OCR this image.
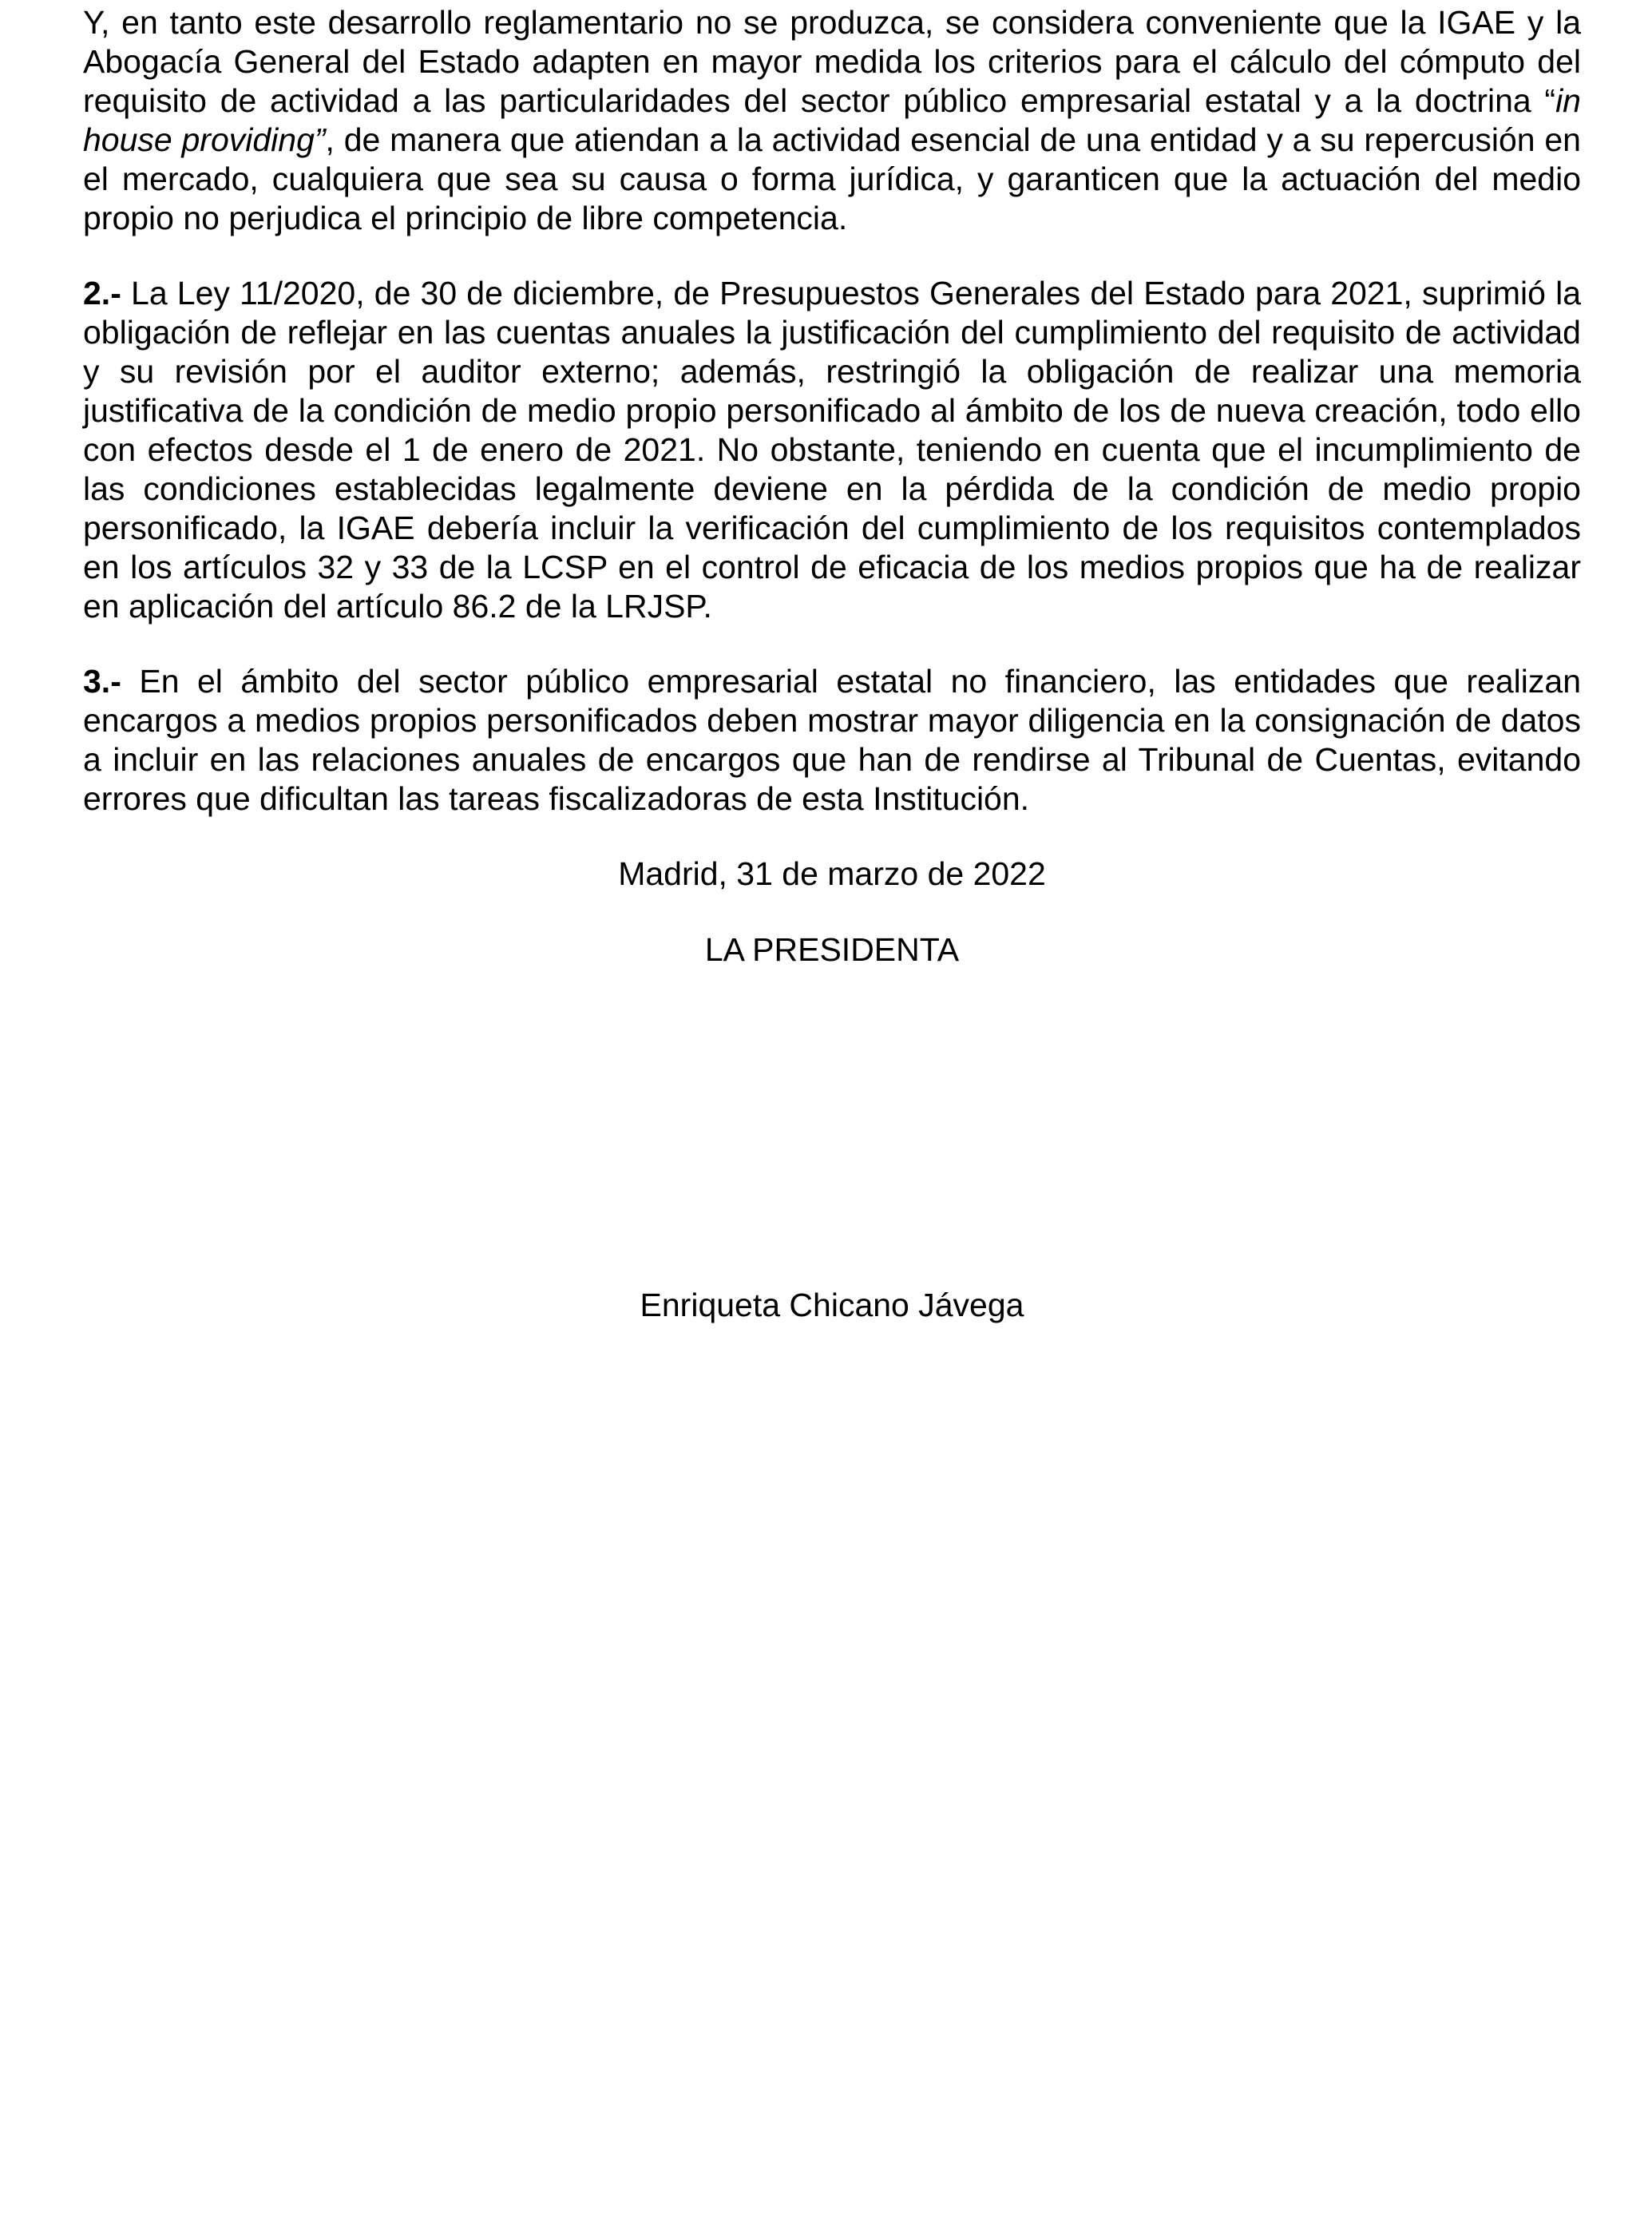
Y, en tanto este desarrollo reglamentario no se produzca, se considera conveniente que la IGAE y la Abogacía General del Estado adapten en mayor medida los criterios para el cálculo del cómputo del requisito de actividad a las particularidades del sector público empresarial estatal y a la doctrina “in house providing”, de manera que atiendan a la actividad esencial de una entidad y a su repercusión en el mercado, cualquiera que sea su causa o forma jurídica, y garanticen que la actuación del medio propio no perjudica el principio de libre competencia.

2.- La Ley 11/2020, de 30 de diciembre, de Presupuestos Generales del Estado para 2021, suprimió la obligación de reflejar en las cuentas anuales la justificación del cumplimiento del requisito de actividad y su revisión por el auditor externo; además, restringió la obligación de realizar una memoria justificativa de la condición de medio propio personificado al ámbito de los de nueva creación, todo ello con efectos desde el 1 de enero de 2021. No obstante, teniendo en cuenta que el incumplimiento de las condiciones establecidas legalmente deviene en la pérdida de la condición de medio propio personificado, la IGAE debería incluir la verificación del cumplimiento de los requisitos contemplados en los artículos 32 y 33 de la LCSP en el control de eficacia de los medios propios que ha de realizar en aplicación del artículo 86.2 de la LRJSP.

3.- En el ámbito del sector público empresarial estatal no financiero, las entidades que realizan encargos a medios propios personificados deben mostrar mayor diligencia en la consignación de datos a incluir en las relaciones anuales de encargos que han de rendirse al Tribunal de Cuentas, evitando errores que dificultan las tareas fiscalizadoras de esta Institución.

Madrid, 31 de marzo de 2022

LA PRESIDENTA

Enriqueta Chicano Jávega
